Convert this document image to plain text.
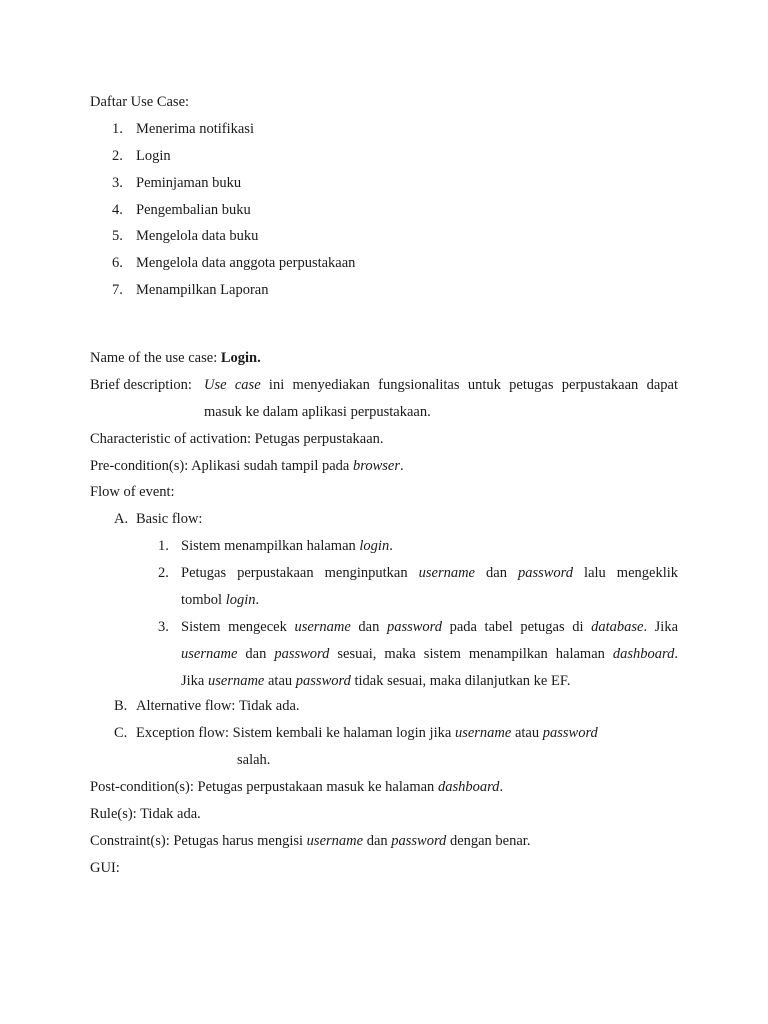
Daftar Use Case:
1. Menerima notifikasi
2. Login
3. Peminjaman buku
4. Pengembalian buku
5. Mengelola data buku
6. Mengelola data anggota perpustakaan
7. Menampilkan Laporan
Name of the use case: Login.
Brief description: Use case ini menyediakan fungsionalitas untuk petugas perpustakaan dapat
masuk ke dalam aplikasi perpustakaan.
Characteristic of activation: Petugas perpustakaan.
Pre-condition(s): Aplikasi sudah tampil pada browser.
Flow of event:
A. Basic flow:
1. Sistem menampilkan halaman login.
2. Petugas perpustakaan menginputkan username dan password lalu mengeklik
tombol login.
3. Sistem mengecek username dan password pada tabel petugas di database. Jika
username dan password sesuai, maka sistem menampilkan halaman dashboard.
Jika username atau password tidak sesuai, maka dilanjutkan ke EF.
B. Alternative flow: Tidak ada.
C. Exception flow: Sistem kembali ke halaman login jika username atau password
salah.
Post-condition(s): Petugas perpustakaan masuk ke halaman dashboard.
Rule(s): Tidak ada.
Constraint(s): Petugas harus mengisi username dan password dengan benar.
GUI:
